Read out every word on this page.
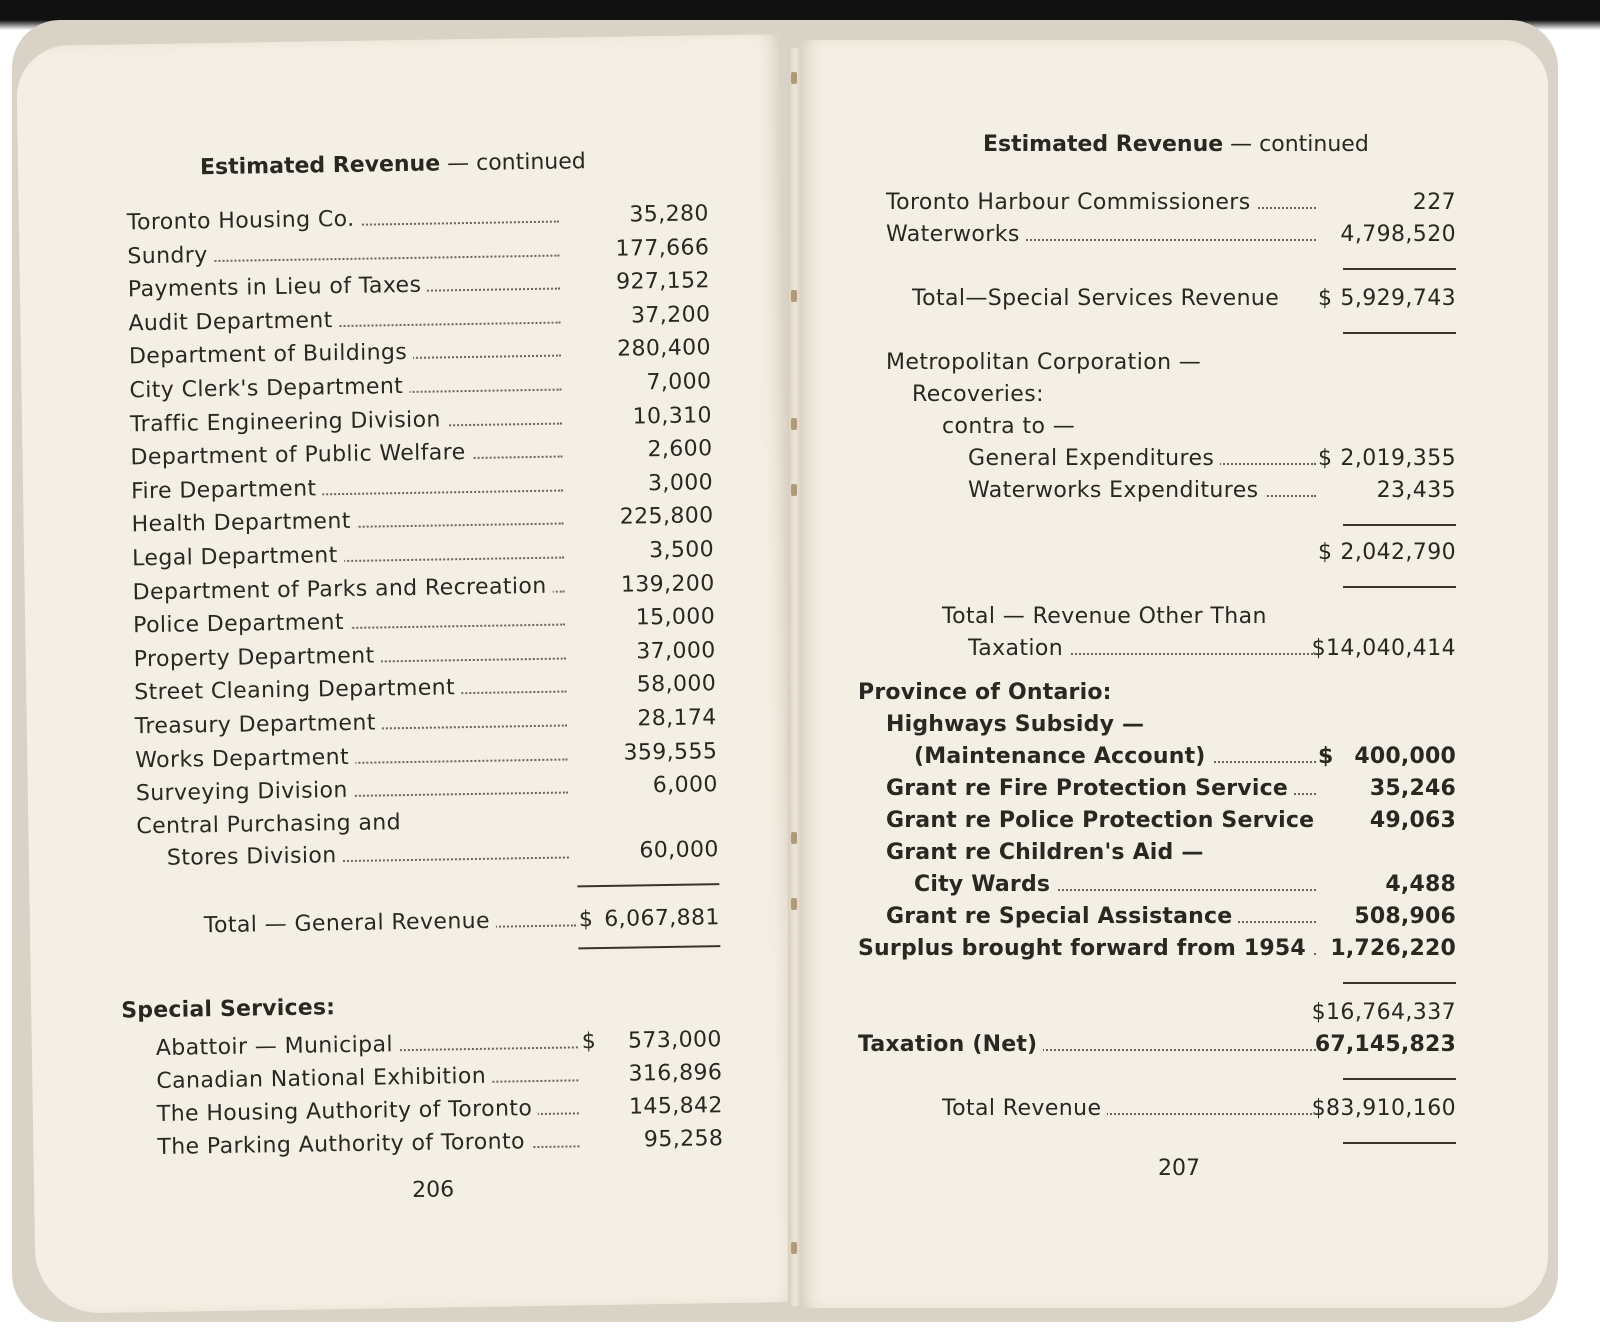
Estimated Revenue — continued
Toronto Housing Co.	35,280
Sundry	177,666
Payments in Lieu of Taxes	927,152
Audit Department	37,200
Department of Buildings	280,400
City Clerk's Department	7,000
Traffic Engineering Division	10,310
Department of Public Welfare	2,600
Fire Department	3,000
Health Department	225,800
Legal Department	3,500
Department of Parks and Recreation	139,200
Police Department	15,000
Property Department	37,000
Street Cleaning Department	58,000
Treasury Department	28,174
Works Department	359,555
Surveying Division	6,000
Central Purchasing and
Stores Division	60,000
Total — General Revenue	$ 6,067,881
Special Services:
Abattoir — Municipal	$ 573,000
Canadian National Exhibition	316,896
The Housing Authority of Toronto	145,842
The Parking Authority of Toronto	95,258
206
Estimated Revenue — continued
Toronto Harbour Commissioners	227
Waterworks	4,798,520
Total—Special Services Revenue $ 5,929,743
Metropolitan Corporation —
Recoveries:
contra to —
General Expenditures	$ 2,019,355
Waterworks Expenditures	23,435
$ 2,042,790
Total — Revenue Other Than
Taxation	$14,040,414
Province of Ontario:
Highways Subsidy —
(Maintenance Account)	$ 400,000
Grant re Fire Protection Service	35,246
Grant re Police Protection Service	49,063
Grant re Children's Aid —
City Wards	4,488
Grant re Special Assistance	508,906
Surplus brought forward from 1954 1,726,220
$16,764,337
Taxation (Net)	67,145,823
Total Revenue	$83,910,160
207
